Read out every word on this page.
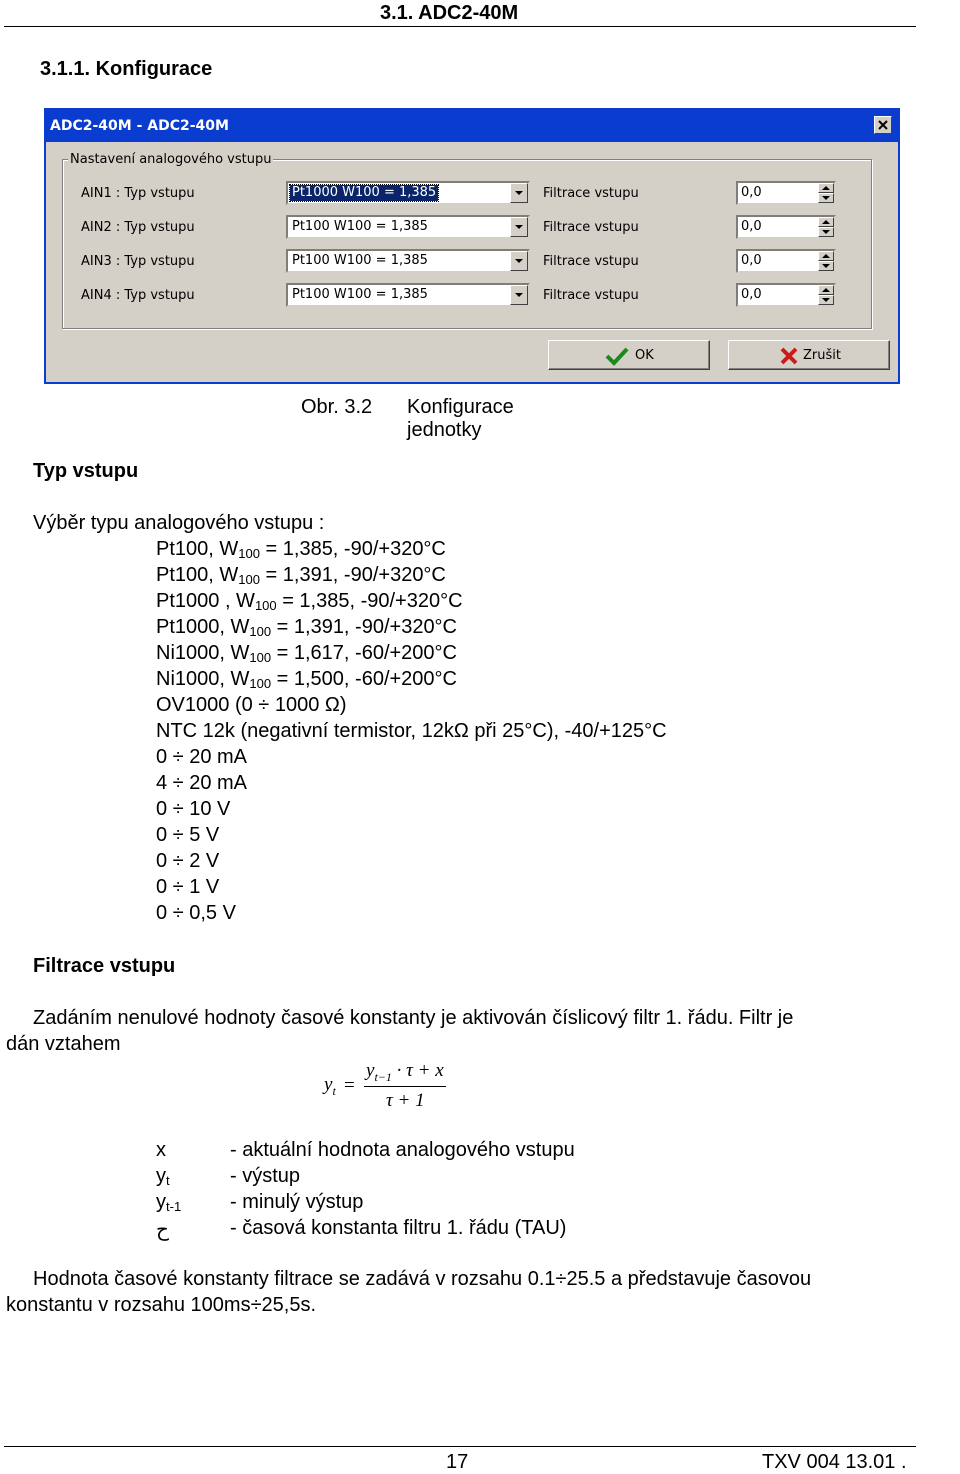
3.1. ADC2-40M
3.1.1. Konfigurace
ADC2-40M - ADC2-40M
Nastavení analogového vstupu
AIN1 : Typ vstupu	Pt1000 W100 = 1,385	Filtrace vstupu	0,0
AIN2 : Typ vstupu	Pt100 W100 = 1,385	Filtrace vstupu	0,0
AIN3 : Typ vstupu	Pt100 W100 = 1,385	Filtrace vstupu	0,0
AIN4 : Typ vstupu	Pt100 W100 = 1,385	Filtrace vstupu	0,0
OK	Zrušit
Obr. 3.2 Konfigurace jednotky
Typ vstupu
Výběr typu analogového vstupu :
Pt100, $W_{100} = 1,385$, -90/+320°C
Pt100, $W_{100} = 1,391$, -90/+320°C
Pt1000 , $W_{100} = 1,385$, -90/+320°C
Pt1000, $W_{100} = 1,391$, -90/+320°C
Ni1000, $W_{100} = 1,617$, -60/+200°C
Ni1000, $W_{100} = 1,500$, -60/+200°C
OV1000 (0 ÷ 1000 Ω)
NTC 12k (negativní termistor, 12kΩ při 25°C), -40/+125°C
0 ÷ 20 mA
4 ÷ 20 mA
0 ÷ 10 V
0 ÷ 5 V
0 ÷ 2 V
0 ÷ 1 V
0 ÷ 0,5 V
Filtrace vstupu
Zadáním nenulové hodnoty časové konstanty je aktivován číslicový filtr 1. řádu. Filtr je
dán vztahem
$y_t$ =
$y_{t-1} \cdot \tau + x$
τ + 1
x	- aktuální hodnota analogového vstupu
$y_t$	- výstup
$y_{t-1}$ - minulý výstup
ح	- časová konstanta filtru 1. řádu (TAU)
Hodnota časové konstanty filtrace se zadává v rozsahu 0.1÷25.5 a představuje časovou
konstantu v rozsahu 100ms÷25,5s.
17	TXV 004 13.01 .
